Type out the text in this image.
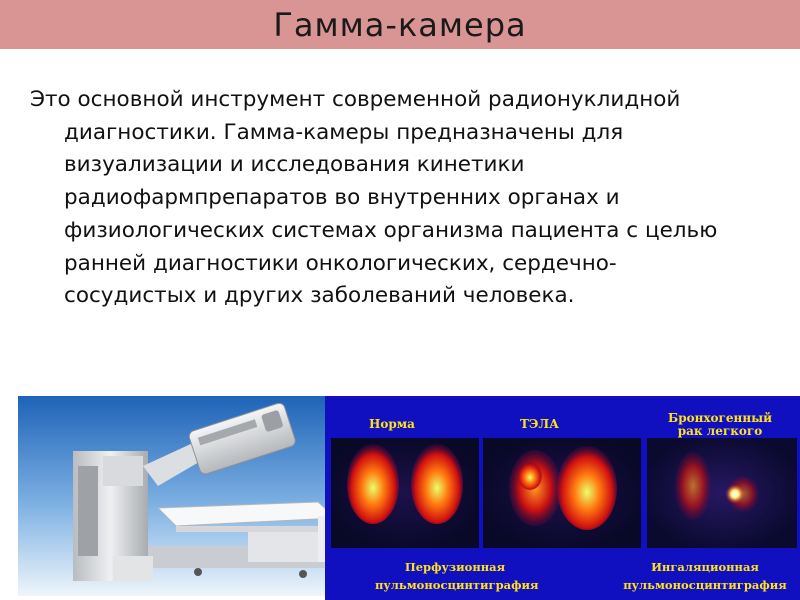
Гамма-камера

Это основной инструмент современной радионуклидной диагностики. Гамма-камеры предназначены для визуализации и исследования кинетики радиофармпрепаратов во внутренних органах и физиологических системах организма пациента с целью ранней диагностики онкологических, сердечно-сосудистых и других заболеваний человека.

Норма	ТЭЛА	Бронхогенный рак легкого
Перфузионная пульмоносцинтиграфия
Ингаляционная пульмоносцинтиграфия
